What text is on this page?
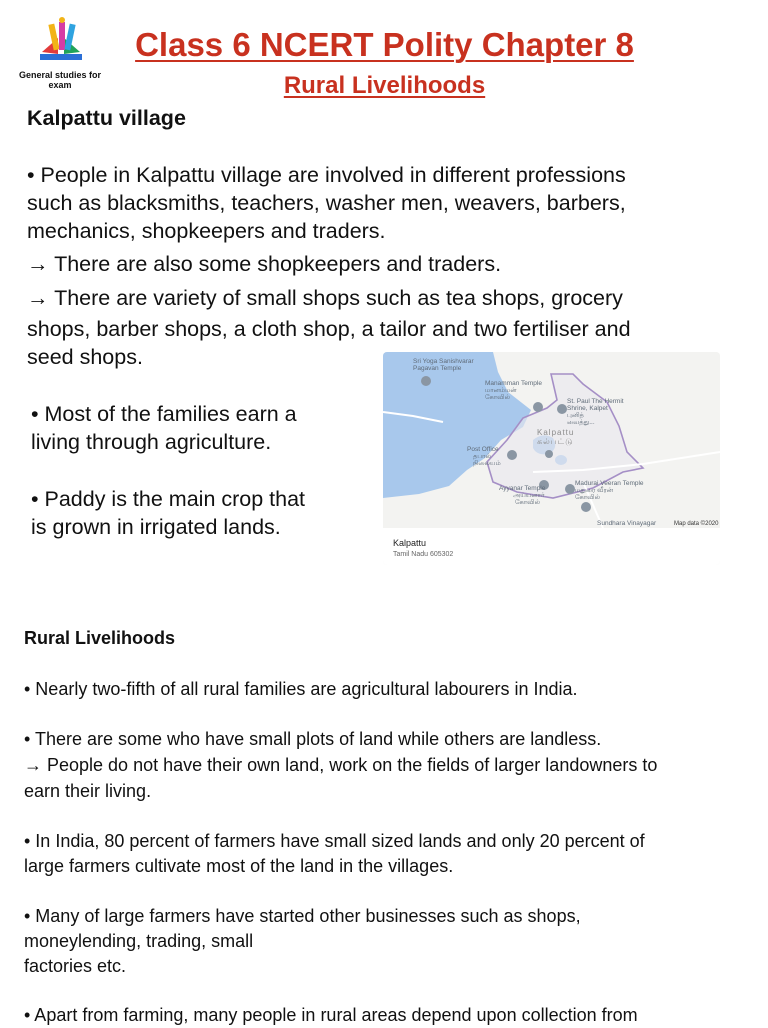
General studies for exam
Class 6 NCERT Polity Chapter 8
Rural Livelihoods
Kalpattu village
• People in Kalpattu village are involved in different professions
such as blacksmiths, teachers, washer men, weavers, barbers,
mechanics, shopkeepers and traders.
→ There are also some shopkeepers and traders.
→ There are variety of small shops such as tea shops, grocery
shops, barber shops, a cloth shop, a tailor and two fertiliser and
seed shops.
• Most of the families earn a
living through agriculture.
• Paddy is the main crop that
is grown in irrigated lands.	Map data ©2020
Sri Yoga Sanishvarar
Pagavan Temple
Manamman Temple
மானம்மன்
கோவில்
St. Paul The Hermit
Shrine, Kalpet
புனித்
வைத்து...
Kalpattu
கல்பட்டு
Post Office
தபால்
நிலையம்
Ayyanar Temple
அய்யனார்
கோவில்
Madurai Veeran Temple
மதுரை வீரன்
கோவில்
Sundhara Vinayagar
Kalpattu
Tamil Nadu 605302
Rural Livelihoods
• Nearly two-fifth of all rural families are agricultural labourers in India.
• There are some who have small plots of land while others are landless.
→ People do not have their own land, work on the fields of larger landowners to
earn their living.
• In India, 80 percent of farmers have small sized lands and only 20 percent of
large farmers cultivate most of the land in the villages.
• Many of large farmers have started other businesses such as shops,
moneylending, trading, small
factories etc.
• Apart from farming, many people in rural areas depend upon collection from
